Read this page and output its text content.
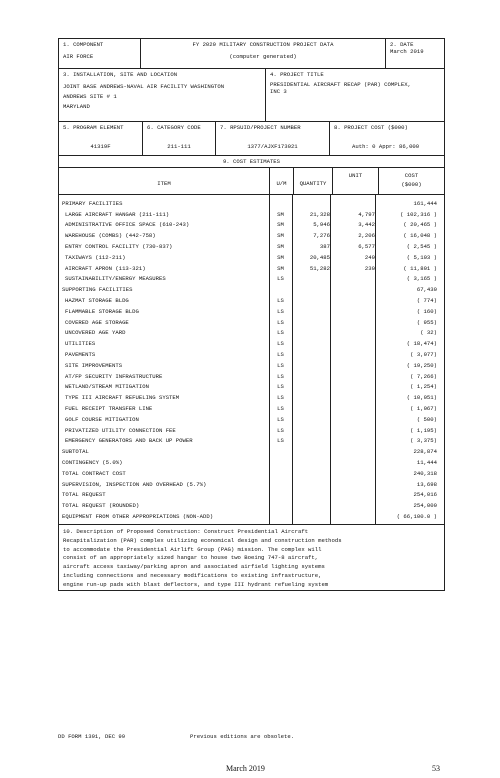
1. COMPONENT
AIR FORCE
FY 2020 MILITARY CONSTRUCTION PROJECT DATA
(computer generated)
2. DATE
March 2019
3. INSTALLATION, SITE AND LOCATION
JOINT BASE ANDREWS-NAVAL AIR FACILITY WASHINGTON
ANDREWS SITE # 1
MARYLAND
4. PROJECT TITLE
PRESIDENTIAL AIRCRAFT RECAP (PAR) COMPLEX,
INC 3
5. PROGRAM ELEMENT
41319F
6. CATEGORY CODE
211-111
7. RPSUID/PROJECT NUMBER
1377/AJXF173021
8. PROJECT COST ($000)
Auth: 0 Appr: 86,000
9. COST ESTIMATES
ITEM	U/M	QUANTITY
UNIT	COST
($000)
PRIMARY FACILITIES	161,444
LARGE AIRCRAFT HANGAR (211-111)	SM	21,328	4,797	( 102,316 )
ADMINISTRATIVE OFFICE SPACE (610-243)	SM	5,946	3,442	( 20,465 )
WAREHOUSE (COMBS) (442-758)	SM	7,276	2,206	( 16,048 )
ENTRY CONTROL FACILITY (730-837)	SM	387	6,577	( 2,545 )
TAXIWAYS (112-211)	SM	20,485	249	( 5,103 )
AIRCRAFT APRON (113-321)	SM	51,282	230	( 11,801 )
SUSTAINABILITY/ENERGY MEASURES	LS	( 3,165 )
SUPPORTING FACILITIES	67,430
HAZMAT STORAGE BLDG	LS	( 774)
FLAMMABLE STORAGE BLDG	LS	( 160)
COVERED AGE STORAGE	LS	( 955)
UNCOVERED AGE YARD	LS	( 32)
UTILITIES	LS	( 18,474)
PAVEMENTS	LS	( 3,077)
SITE IMPROVEMENTS	LS	( 19,250)
AT/FP SECURITY INFRASTRUCTURE	LS	( 7,266)
WETLAND/STREAM MITIGATION	LS	( 1,254)
TYPE III AIRCRAFT REFUELING SYSTEM	LS	( 10,051)
FUEL RECEIPT TRANSFER LINE	LS	( 1,067)
GOLF COURSE MITIGATION	LS	( 500)
PRIVATIZED UTILITY CONNECTION FEE	LS	( 1,195)
EMERGENCY GENERATORS AND BACK UP POWER	LS	( 3,375)
SUBTOTAL	228,874
CONTINGENCY (5.0%)	11,444
TOTAL CONTRACT COST	240,318
SUPERVISION, INSPECTION AND OVERHEAD (5.7%)	13,698
TOTAL REQUEST	254,016
TOTAL REQUEST (ROUNDED)	254,000
EQUIPMENT FROM OTHER APPROPRIATIONS (NON-ADD)	( 66,100.0 )
10. Description of Proposed Construction: Construct Presidential Aircraft
Recapitalization (PAR) complex utilizing economical design and construction methods
to accommodate the Presidential Airlift Group (PAG) mission. The complex will
consist of an appropriately sized hangar to house two Boeing 747-8 aircraft,
aircraft access taxiway/parking apron and associated airfield lighting systems
including connections and necessary modifications to existing infrastructure,
engine run-up pads with blast deflectors, and type III hydrant refueling system
DD FORM 1391, DEC 99	Previous editions are obsolete.
March 2019	53
